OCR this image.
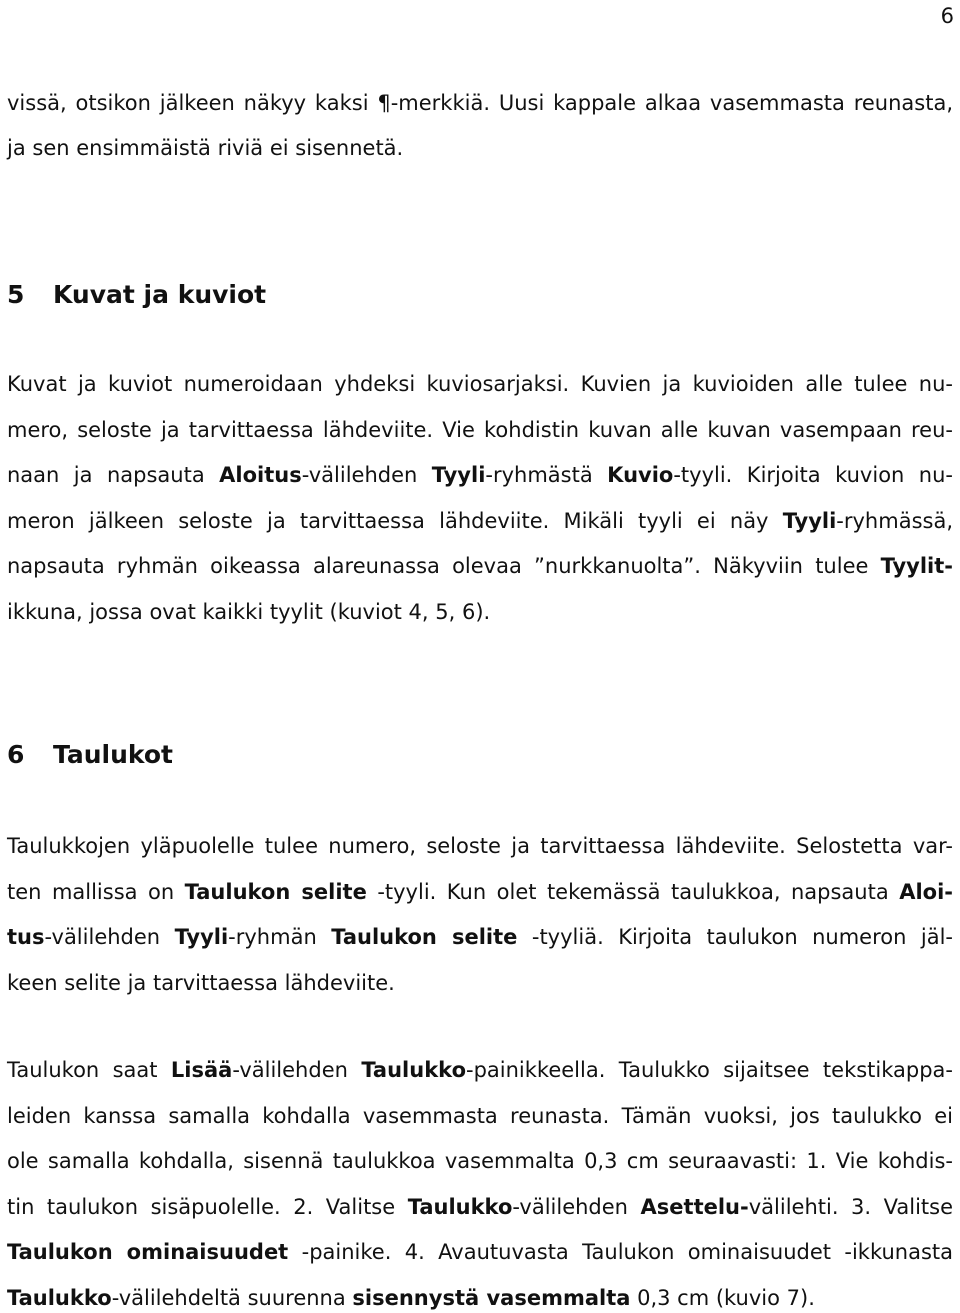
6
vissä, otsikon jälkeen näkyy kaksi ¶-merkkiä. Uusi kappale alkaa vasemmasta reunasta,
ja sen ensimmäistä riviä ei sisennetä.
5 Kuvat ja kuviot
Kuvat ja kuviot numeroidaan yhdeksi kuviosarjaksi. Kuvien ja kuvioiden alle tulee nu-
mero, seloste ja tarvittaessa lähdeviite. Vie kohdistin kuvan alle kuvan vasempaan reu-
naan ja napsauta Aloitus-välilehden Tyyli-ryhmästä Kuvio-tyyli. Kirjoita kuvion nu-
meron jälkeen seloste ja tarvittaessa lähdeviite. Mikäli tyyli ei näy Tyyli-ryhmässä,
napsauta ryhmän oikeassa alareunassa olevaa ”nurkkanuolta”. Näkyviin tulee Tyylit-
ikkuna, jossa ovat kaikki tyylit (kuviot 4, 5, 6).
6 Taulukot
Taulukkojen yläpuolelle tulee numero, seloste ja tarvittaessa lähdeviite. Selostetta var-
ten mallissa on Taulukon selite -tyyli. Kun olet tekemässä taulukkoa, napsauta Aloi-
tus-välilehden Tyyli-ryhmän Taulukon selite -tyyliä. Kirjoita taulukon numeron jäl-
keen selite ja tarvittaessa lähdeviite.
Taulukon saat Lisää-välilehden Taulukko-painikkeella. Taulukko sijaitsee tekstikappa-
leiden kanssa samalla kohdalla vasemmasta reunasta. Tämän vuoksi, jos taulukko ei
ole samalla kohdalla, sisennä taulukkoa vasemmalta 0,3 cm seuraavasti: 1. Vie kohdis-
tin taulukon sisäpuolelle. 2. Valitse Taulukko-välilehden Asettelu-välilehti. 3. Valitse
Taulukon ominaisuudet -painike. 4. Avautuvasta Taulukon ominaisuudet -ikkunasta
Taulukko-välilehdeltä suurenna sisennystä vasemmalta 0,3 cm (kuvio 7).
